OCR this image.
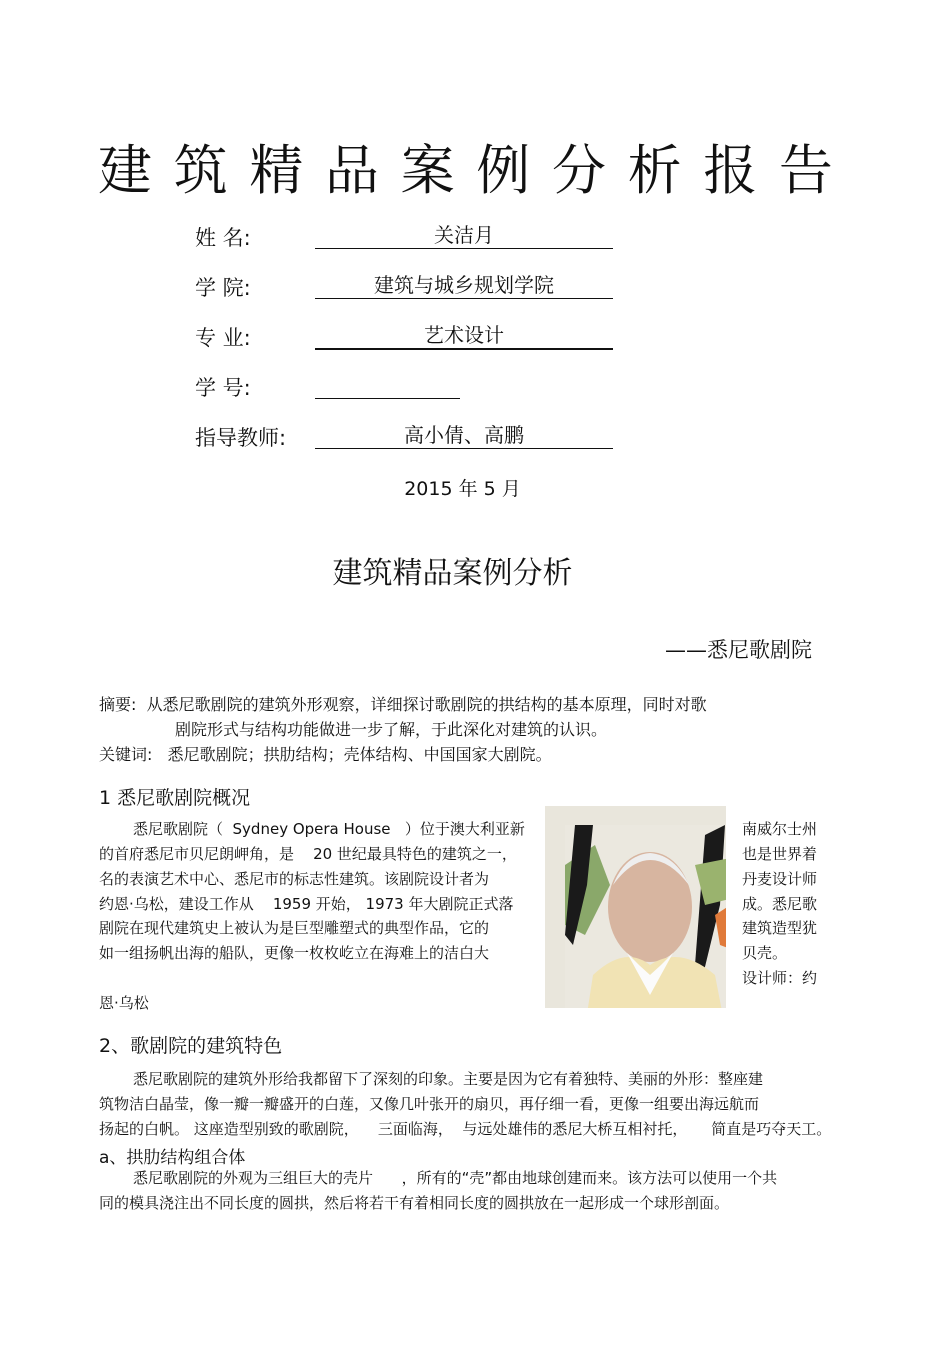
建 筑 精 品 案 例 分 析 报 告
姓 名:	关洁月
学 院:	建筑与城乡规划学院
专 业:	艺术设计
学 号:
指导教师:	高小倩、高鹏
2015 年 5 月
建筑精品案例分析
——悉尼歌剧院
摘要:  从悉尼歌剧院的建筑外形观察，详细探讨歌剧院的拱结构的基本原理，同时对歌
剧院形式与结构功能做进一步了解，于此深化对建筑的认识。
关键词:   悉尼歌剧院；拱肋结构；壳体结构、中国国家大剧院。
1 悉尼歌剧院概况
悉尼歌剧院（  Sydney Opera House   ）位于澳大利亚新
的首府悉尼市贝尼朗岬角，是    20 世纪最具特色的建筑之一，
名的表演艺术中心、悉尼市的标志性建筑。该剧院设计者为
约恩·乌松，建设工作从    1959 开始， 1973 年大剧院正式落
剧院在现代建筑史上被认为是巨型雕塑式的典型作品，它的
如一组扬帆出海的船队，更像一枚枚屹立在海难上的洁白大
恩·乌松

南威尔士州
也是世界着
丹麦设计师
成。悉尼歌
建筑造型犹
贝壳。
设计师：约
2、歌剧院的建筑特色
悉尼歌剧院的建筑外形给我都留下了深刻的印象。主要是因为它有着独特、美丽的外形：整座建
筑物洁白晶莹，像一瓣一瓣盛开的白莲，又像几叶张开的扇贝，再仔细一看，更像一组要出海远航而
扬起的白帆。 这座造型别致的歌剧院，    三面临海，  与远处雄伟的悉尼大桥互相衬托，     简直是巧夺天工。
a、拱肋结构组合体
悉尼歌剧院的外观为三组巨大的壳片      ，所有的“壳”都由地球创建而来。该方法可以使用一个共
同的模具浇注出不同长度的圆拱，然后将若干有着相同长度的圆拱放在一起形成一个球形剖面。
